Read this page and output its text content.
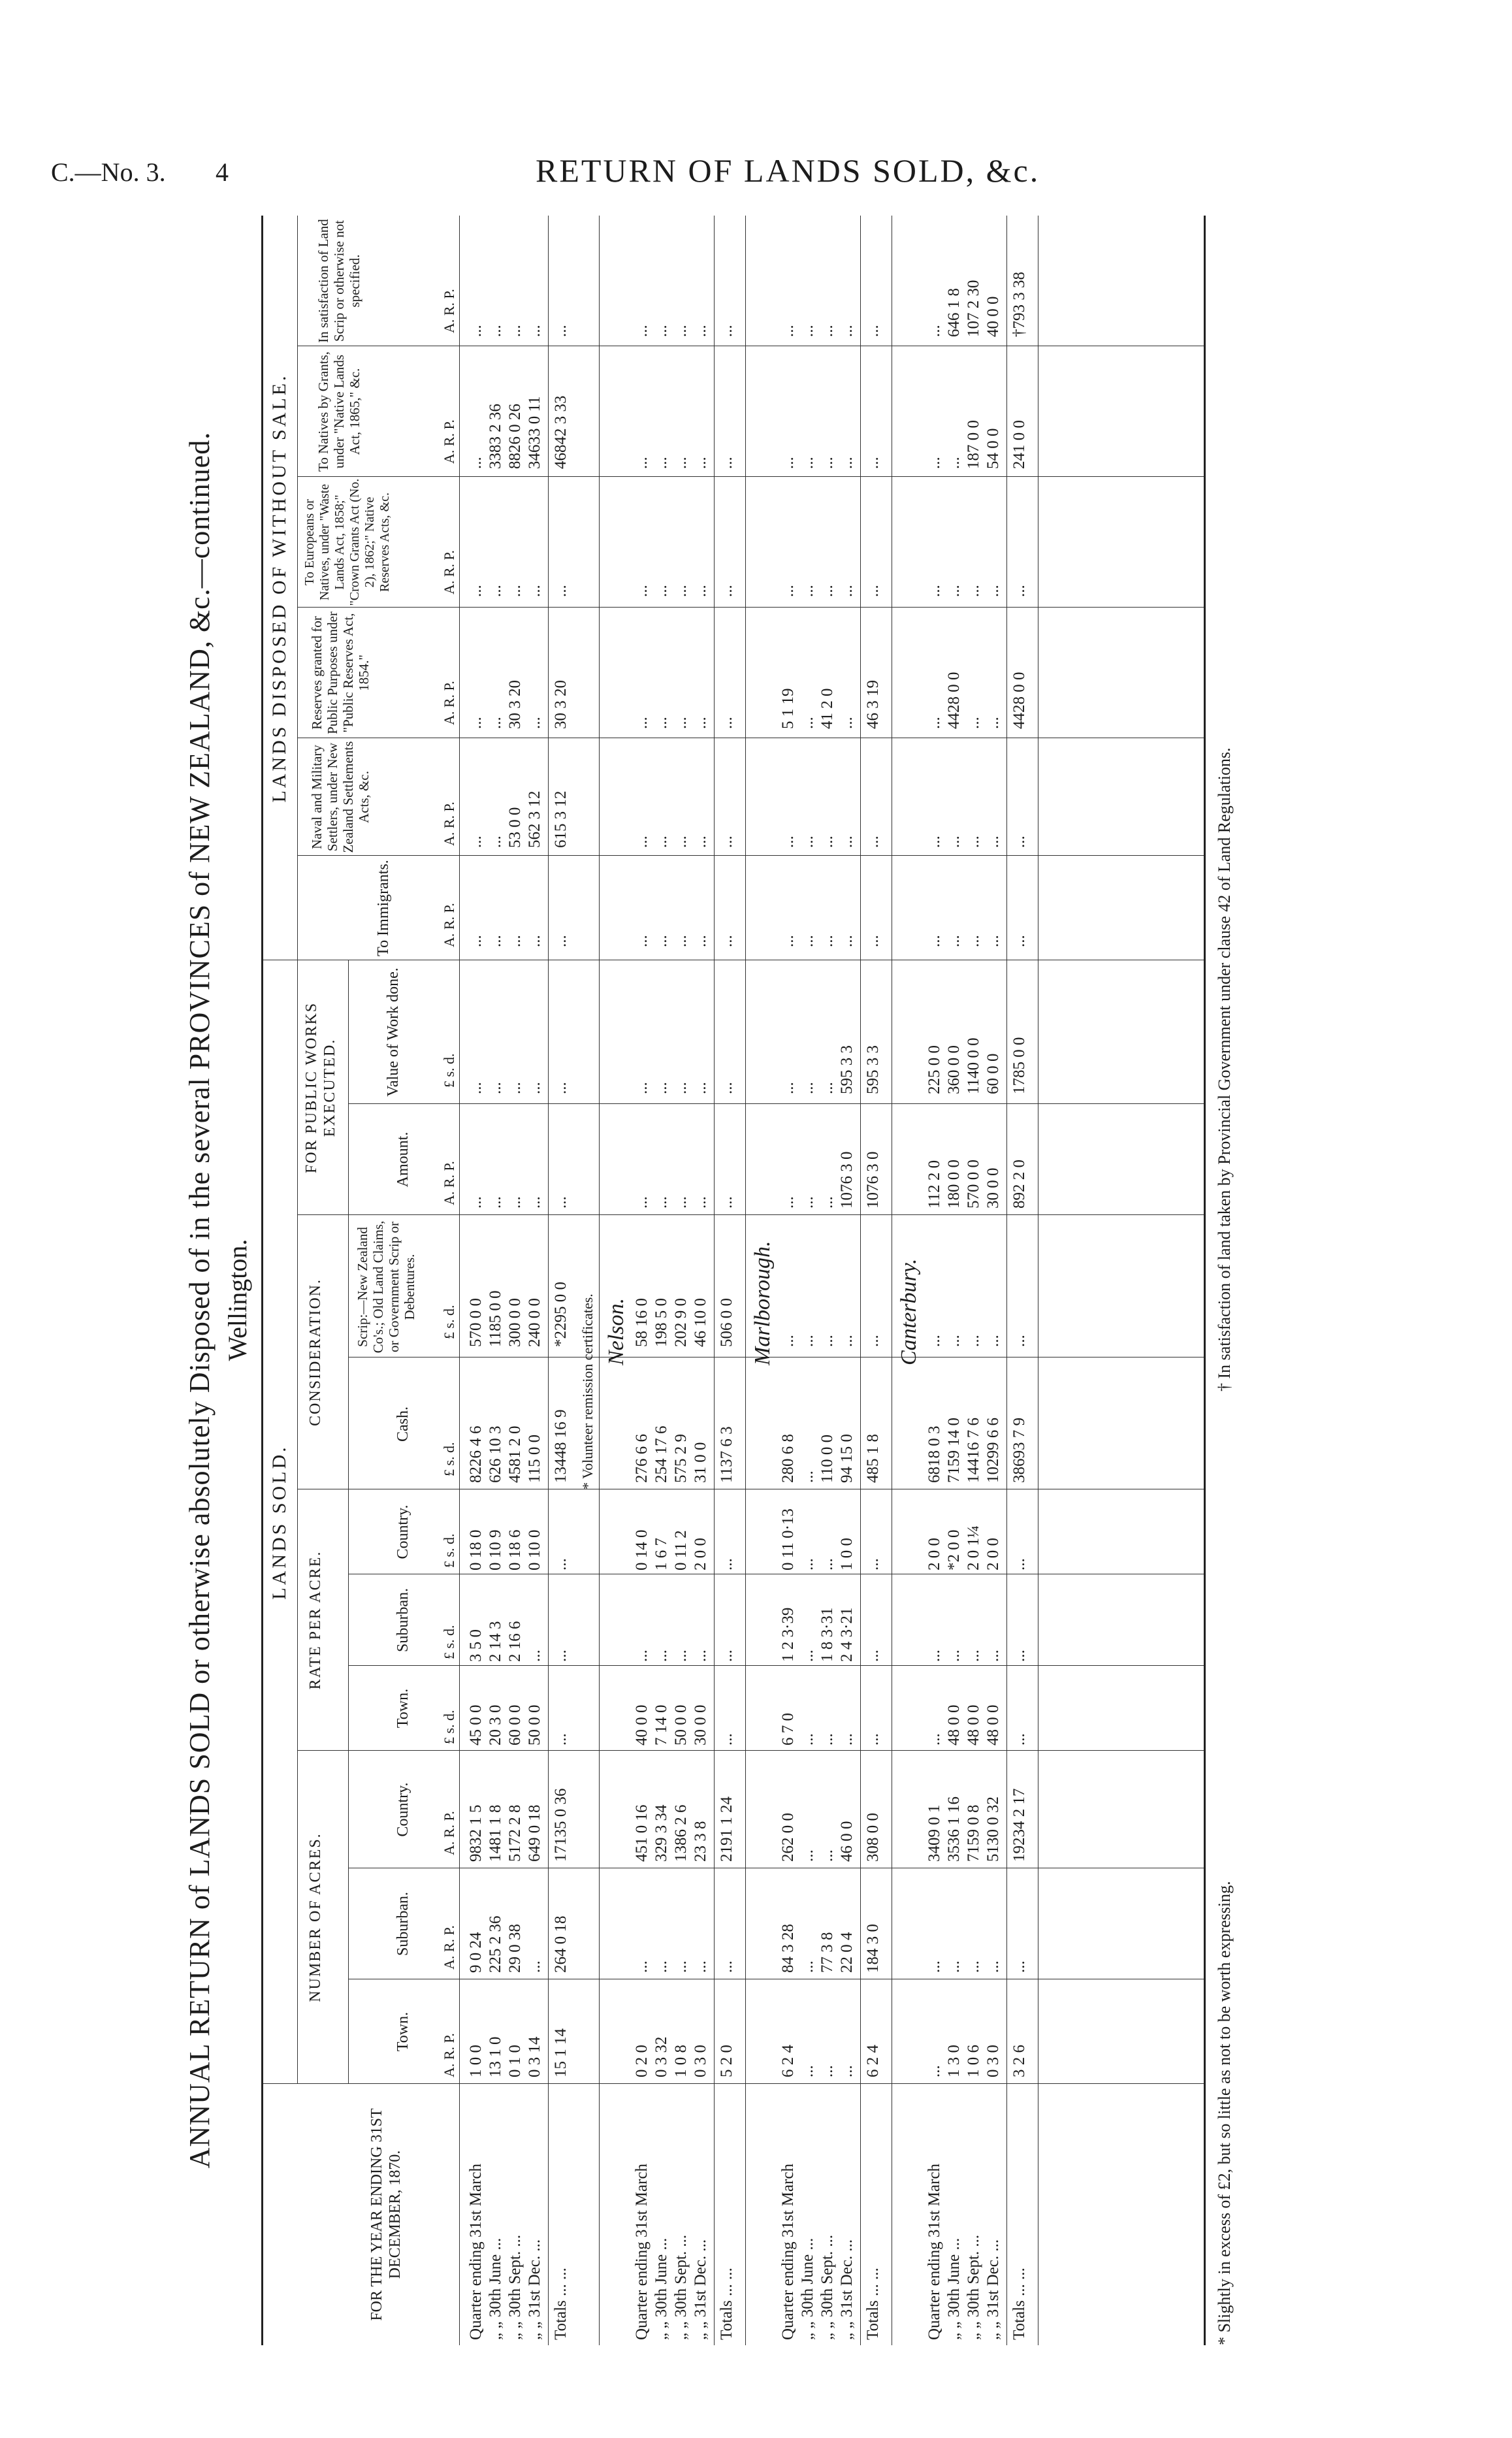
C.—No. 3. 4	RETURN OF LANDS SOLD, &c.
ANNUAL RETURN of LANDS SOLD or otherwise absolutely Disposed of in the several PROVINCES of NEW ZEALAND, &c.—continued. Wellington.
LANDS SOLD.
LANDS DISPOSED OF WITHOUT SALE.
FOR THE YEAR ENDING 31ST DECEMBER, 1870.
NUMBER OF ACRES.
RATE PER ACRE.
CONSIDERATION.
FOR PUBLIC WORKS EXECUTED.
Town.
Suburban.
Country.
Town.
Suburban.
Country.
Cash.
Scrip:—New Zealand Co's.; Old Land Claims, or Government Scrip or Debentures.
Amount.
Value of Work done.
To Immigrants.
Naval and Military Settlers, under New Zealand Settlements Acts, &c.
Reserves granted for Public Purposes under "Public Reserves Act, 1854."
To Europeans or Natives, under "Waste Lands Act, 1858;" "Crown Grants Act (No. 2), 1862;" Native Reserves Acts, &c.
To Natives by Grants, under "Native Lands Act, 1865," &c.
In satisfaction of Land Scrip or otherwise not specified.
A. R. P.
A. R. P.
A. R. P.
£ s. d.
£ s. d.
£ s. d.
£ s. d.
£ s. d.
A. R. P.
£ s. d.
A. R. P.
A. R. P.
A. R. P.
A. R. P.
A. R. P.
A. R. P.
Quarter ending 31st March
1 0 0
9 0 24
9832 1 5
45 0 0
3 5 0
0 18 0
8226 4 6
570 0 0
...
...
...
...
...
...
...
...
„ „ 30th June ...
13 1 0
225 2 36
1481 1 8
20 3 0
2 14 3
0 10 9
626 10 3
1185 0 0
...
...
...
...
...
...
3383 2 36
...
„ „ 30th Sept. ...
0 1 0
29 0 38
5172 2 8
60 0 0
2 16 6
0 18 6
4581 2 0
300 0 0
...
...
...
53 0 0
30 3 20
...
8826 0 26
...
„ „ 31st Dec. ...
0 3 14
...
649 0 18
50 0 0
...
0 10 0
115 0 0
240 0 0
...
...
...
562 3 12
...
...
34633 0 11
...
Totals ... ...
15 1 14
264 0 18
17135 0 36
...
...
...
13448 16 9
*2295 0 0
...
...
...
615 3 12
30 3 20
...
46842 3 33
...
* Volunteer remission certificates. Nelson.
Quarter ending 31st March
0 2 0
...
451 0 16
40 0 0
...
0 14 0
276 6 6
58 16 0
...
...
...
...
...
...
...
...
„ „ 30th June ...
0 3 32
...
329 3 34
7 14 0
...
1 6 7
254 17 6
198 5 0
...
...
...
...
...
...
...
...
„ „ 30th Sept. ...
1 0 8
...
1386 2 6
50 0 0
...
0 11 2
575 2 9
202 9 0
...
...
...
...
...
...
...
...
„ „ 31st Dec. ...
0 3 0
...
23 3 8
30 0 0
...
2 0 0
31 0 0
46 10 0
...
...
...
...
...
...
...
...
Totals ... ...
5 2 0
...
2191 1 24
...
...
...
1137 6 3
506 0 0
...
...
...
...
...
...
...
...
Marlborough.
Quarter ending 31st March
6 2 4
84 3 28
262 0 0
6 7 0
1 2 3·39
0 11 0·13
280 6 8
...
...
...
...
...
5 1 19
...
...
...
„ „ 30th June ...
...
...
...
...
...
...
...
...
...
...
...
...
...
...
...
...
„ „ 30th Sept. ...
...
77 3 8
...
...
1 8 3·31
...
110 0 0
...
...
...
...
...
41 2 0
...
...
...
„ „ 31st Dec. ...
...
22 0 4
46 0 0
...
2 4 3·21
1 0 0
94 15 0
...
1076 3 0
595 3 3
...
...
...
...
...
...
Totals ... ...
6 2 4
184 3 0
308 0 0
...
...
...
485 1 8
...
1076 3 0
595 3 3
...
...
46 3 19
...
...
...
Canterbury.
Quarter ending 31st March
...
...
3409 0 1
...
...
2 0 0
6818 0 3
...
112 2 0
225 0 0
...
...
...
...
...
...
„ „ 30th June ...
1 3 0
...
3536 1 16
48 0 0
...
*2 0 0
7159 14 0
...
180 0 0
360 0 0
...
...
4428 0 0
...
...
646 1 8
„ „ 30th Sept. ...
1 0 6
...
7159 0 8
48 0 0
...
2 0 1¼
14416 7 6
...
570 0 0
1140 0 0
...
...
...
...
187 0 0
107 2 30
„ „ 31st Dec. ...
0 3 0
...
5130 0 32
48 0 0
...
2 0 0
10299 6 6
...
30 0 0
60 0 0
...
...
...
...
54 0 0
40 0 0
Totals ... ...
3 2 6
...
19234 2 17
...
...
...
38693 7 9
...
892 2 0
1785 0 0
...
...
4428 0 0
...
241 0 0
†793 3 38
* Slightly in excess of £2, but so little as not to be worth expressing.
† In satisfaction of land taken by Provincial Government under clause 42 of Land Regulations.
